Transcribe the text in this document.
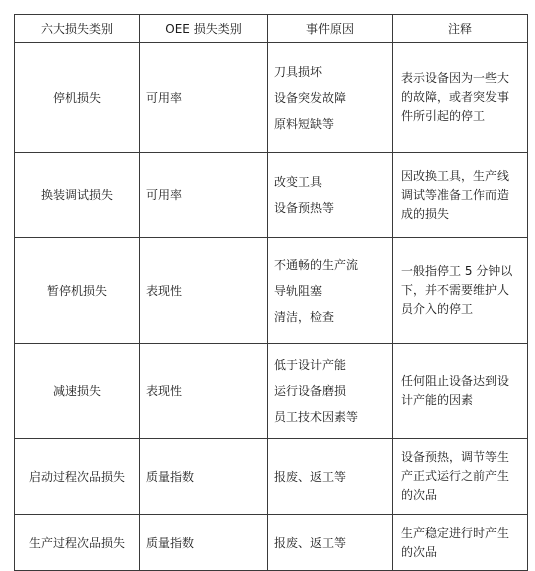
六大损失类别	OEE 损失类别	事件原因	注释
停机损失	可用率	刀具损坏
设备突发故障
原料短缺等	表示设备因为一些大的故障，或者突发事件所引起的停工
换装调试损失	可用率	改变工具
设备预热等	因改换工具，生产线调试等准备工作而造成的损失
暂停机损失	表现性	不通畅的生产流
导轨阻塞
清洁，检查	一般指停工 5 分钟以下，并不需要维护人员介入的停工
减速损失	表现性	低于设计产能
运行设备磨损
员工技术因素等	任何阻止设备达到设计产能的因素
启动过程次品损失	质量指数	报废、返工等	设备预热，调节等生产正式运行之前产生的次品
生产过程次品损失	质量指数	报废、返工等	生产稳定进行时产生的次品
